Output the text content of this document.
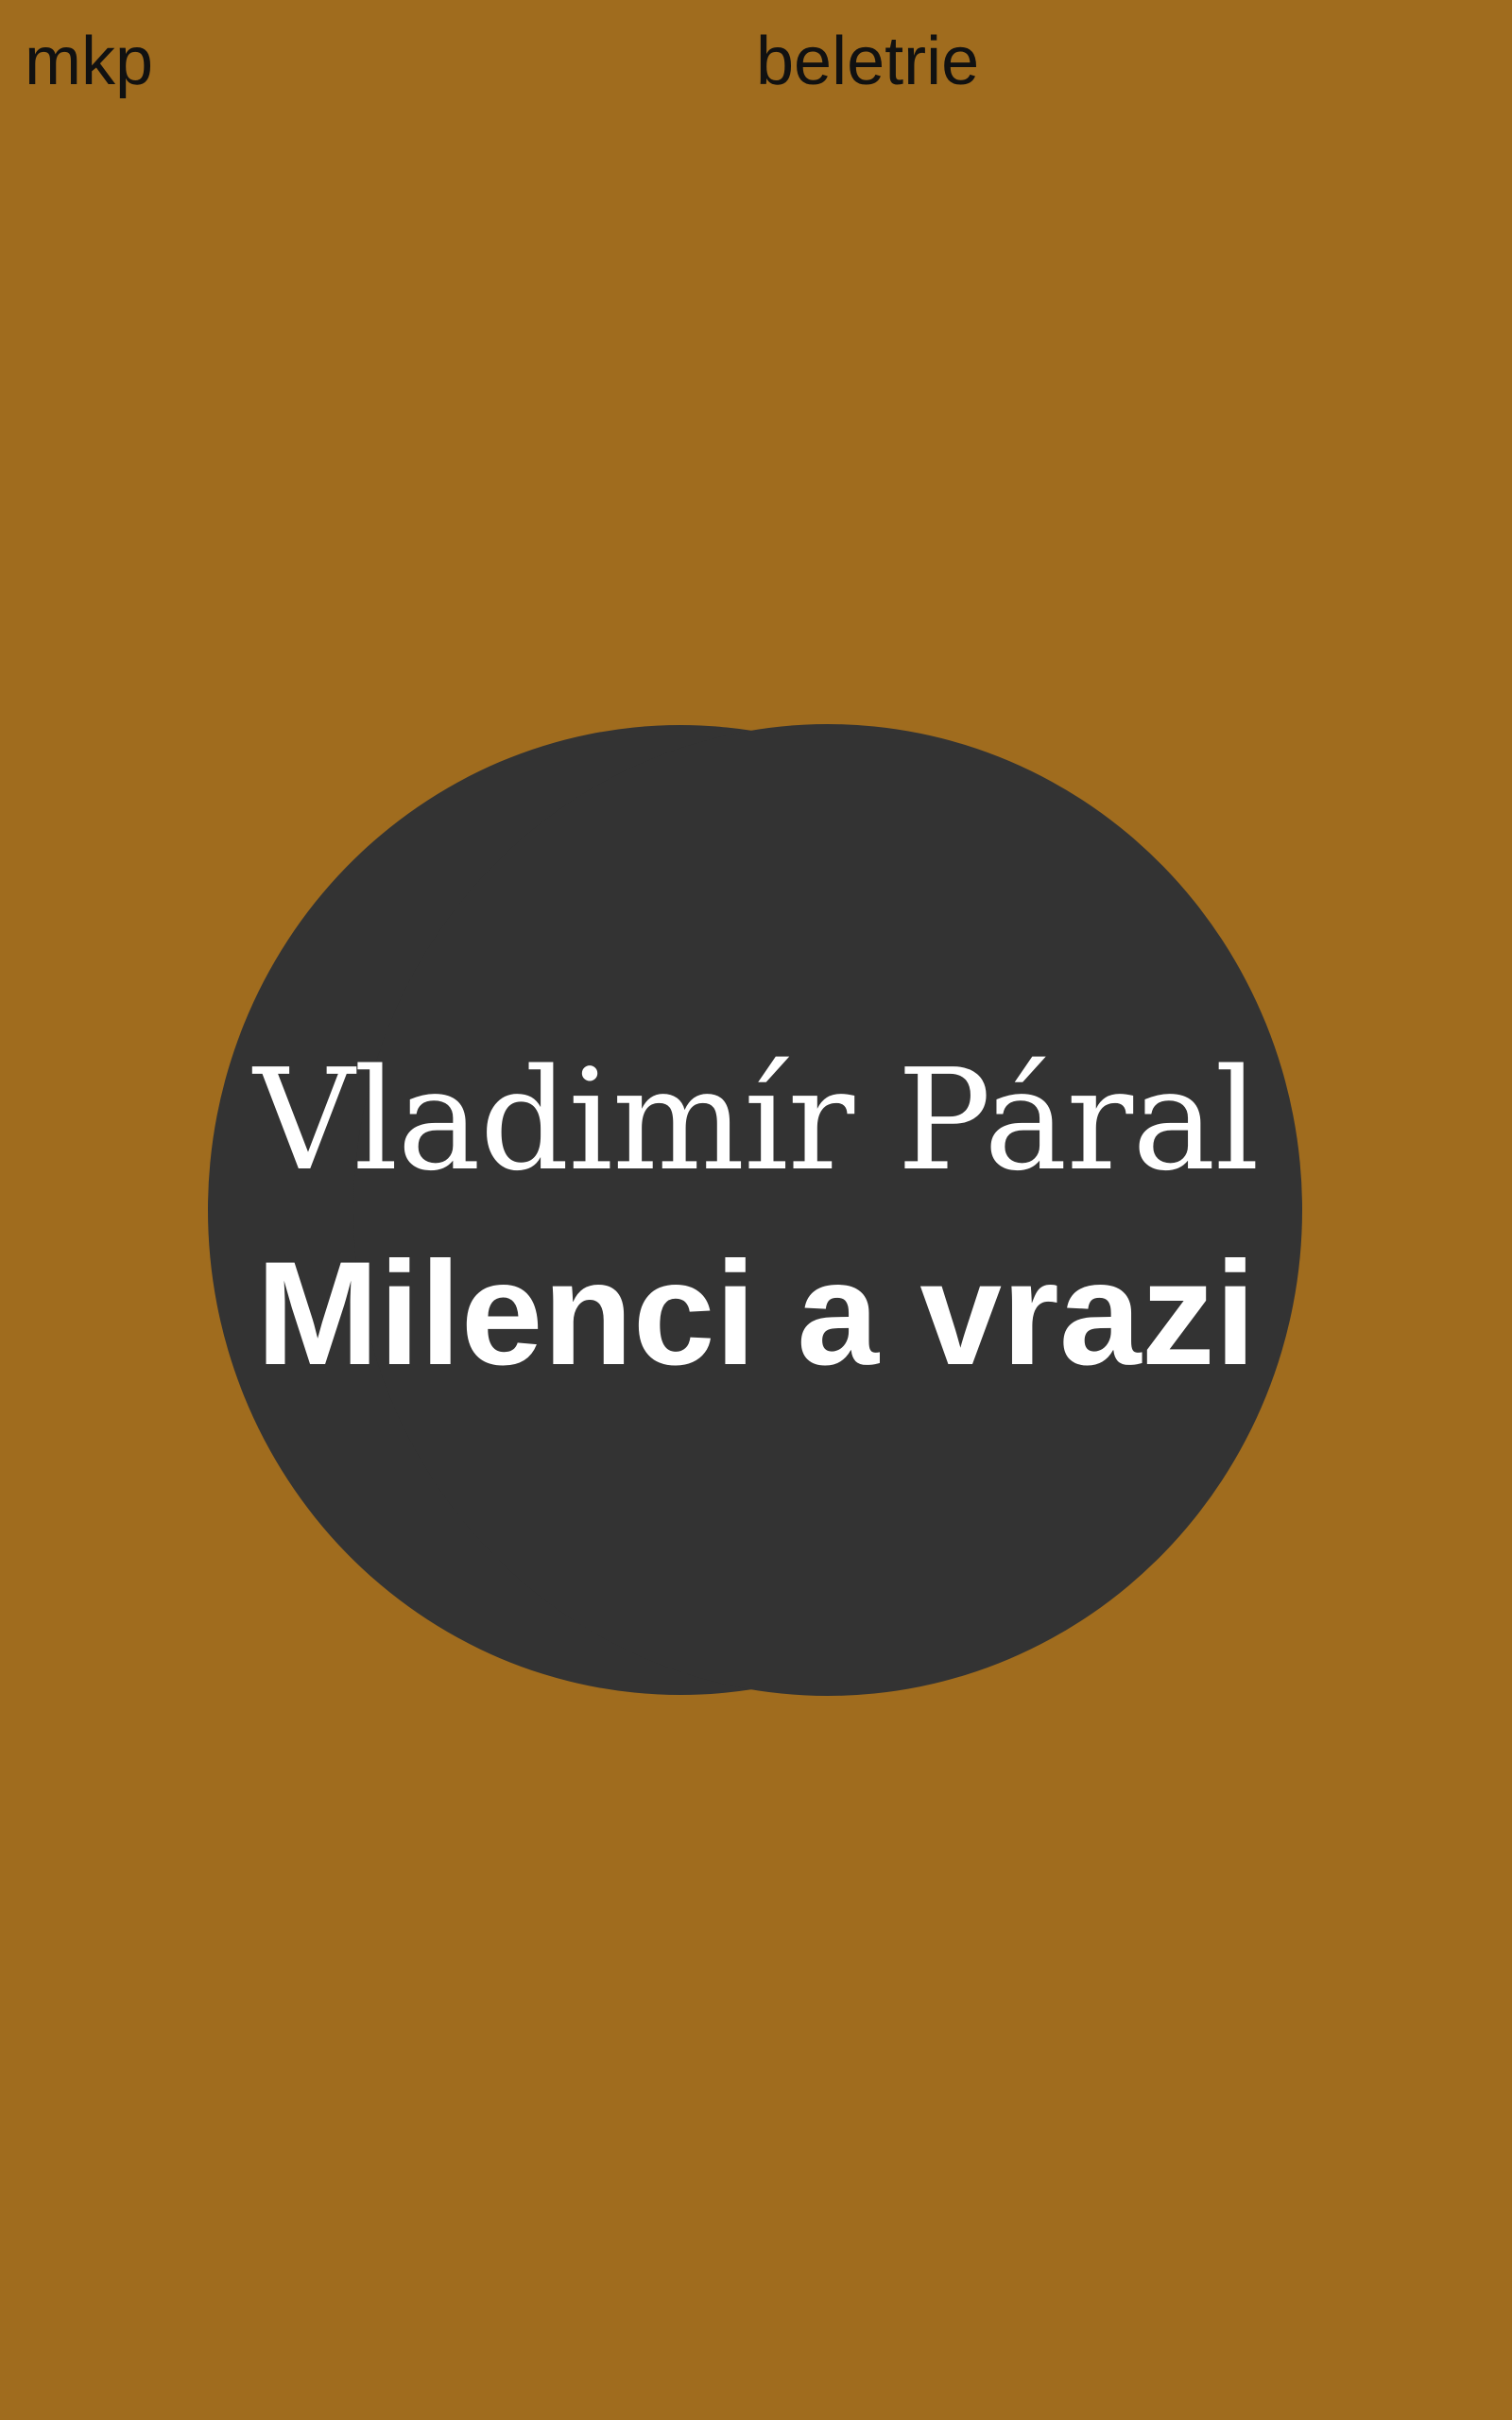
mkp	beletrie
Vladimír Páral
Milenci a vrazi
